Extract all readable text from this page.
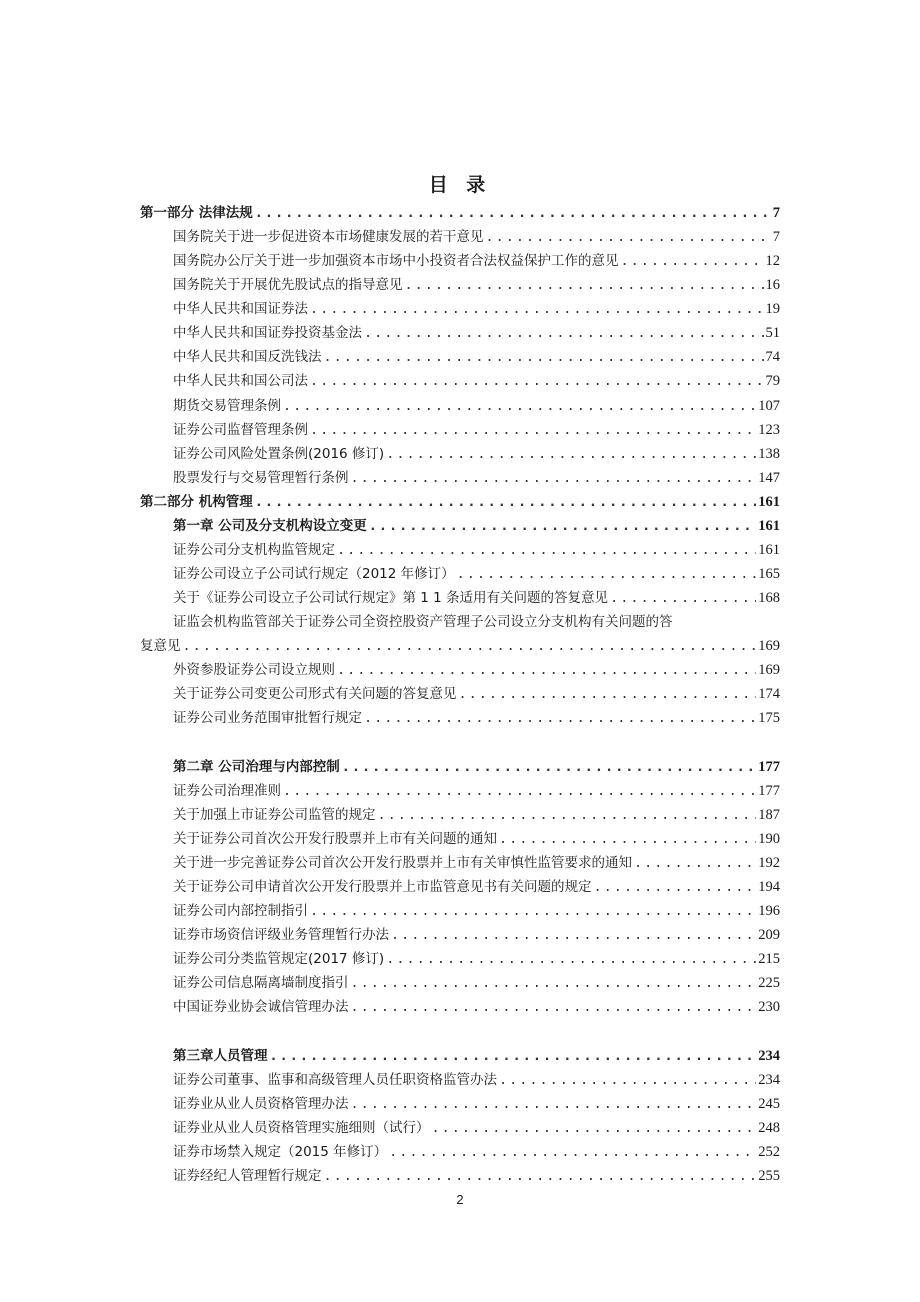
目 录
第一部分 法律法规 .....	7
国务院关于进一步促进资本市场健康发展的若干意见 .....	7
国务院办公厅关于进一步加强资本市场中小投资者合法权益保护工作的意见 .....	12
国务院关于开展优先股试点的指导意见 .....	16
中华人民共和国证券法 .....	19
中华人民共和国证券投资基金法 .....	51
中华人民共和国反洗钱法 .....	74
中华人民共和国公司法 .....	79
期货交易管理条例 .....	107
证券公司监督管理条例 .....	123
证券公司风险处置条例(2016 修订) .....	138
股票发行与交易管理暂行条例 .....	147
第二部分 机构管理 .....	161
第一章 公司及分支机构设立变更 .....	161
证券公司分支机构监管规定 .....	161
证券公司设立子公司试行规定（2012 年修订） .....	165
关于《证券公司设立子公司试行规定》第 1 1 条适用有关问题的答复意见 .....	168
证监会机构监管部关于证券公司全资控股资产管理子公司设立分支机构有关问题的答
复意见 .....	169
外资参股证券公司设立规则 .....	169
关于证券公司变更公司形式有关问题的答复意见 .....	174
证券公司业务范围审批暂行规定 .....	175
第二章 公司治理与内部控制 .....	177
证券公司治理准则 .....	177
关于加强上市证券公司监管的规定 .....	187
关于证券公司首次公开发行股票并上市有关问题的通知 .....	190
关于进一步完善证券公司首次公开发行股票并上市有关审慎性监管要求的通知 .....	192
关于证券公司申请首次公开发行股票并上市监管意见书有关问题的规定 .....	194
证券公司内部控制指引 .....	196
证券市场资信评级业务管理暂行办法 .....	209
证券公司分类监管规定(2017 修订) .....	215
证券公司信息隔离墙制度指引 .....	225
中国证券业协会诚信管理办法 .....	230
第三章人员管理 .....	234
证券公司董事、监事和高级管理人员任职资格监管办法 .....	234
证券业从业人员资格管理办法 .....	245
证券业从业人员资格管理实施细则（试行） .....	248
证券市场禁入规定（2015 年修订） .....	252
证券经纪人管理暂行规定 .....	255
2
